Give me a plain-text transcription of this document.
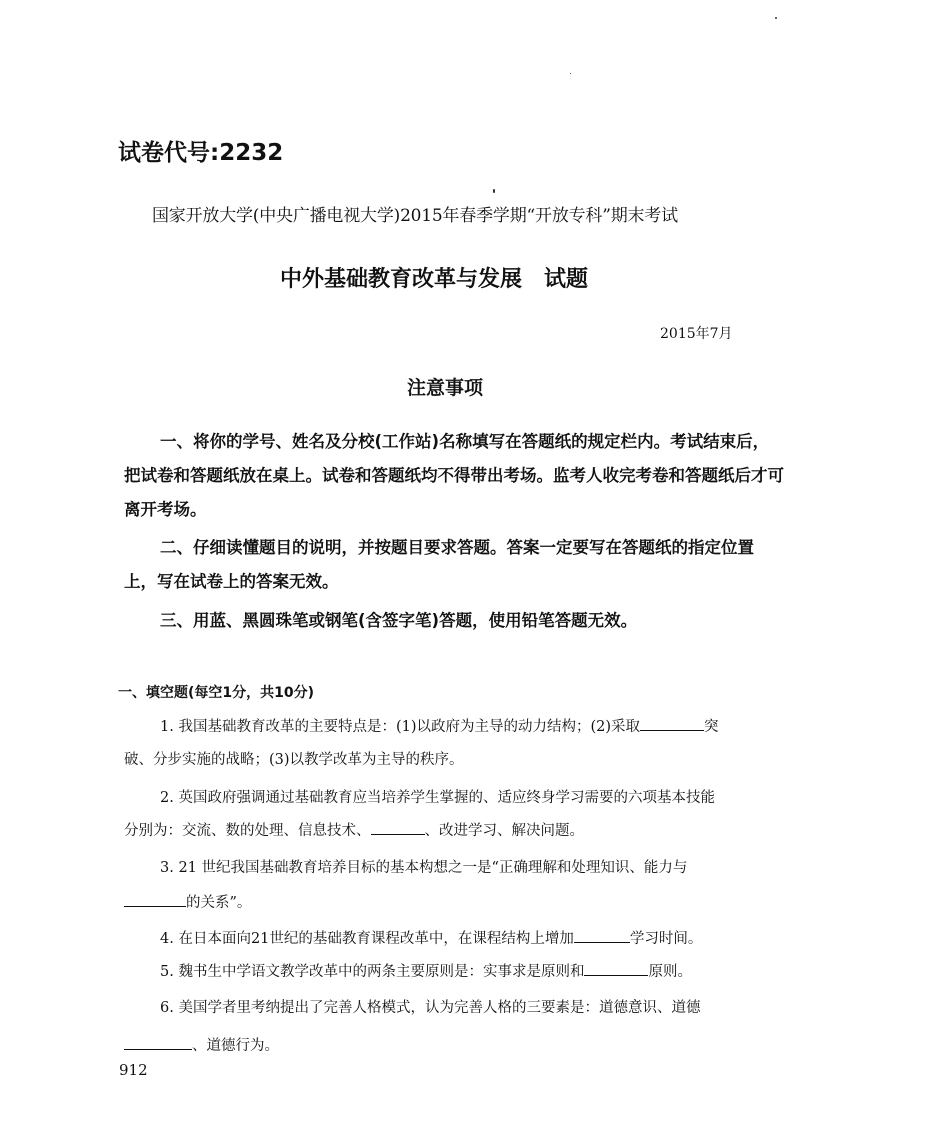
试卷代号:2232
国家开放大学(中央广播电视大学)2015年春季学期“开放专科”期末考试
中外基础教育改革与发展　试题
2015年7月
注意事项
一、将你的学号、姓名及分校(工作站)名称填写在答题纸的规定栏内。考试结束后，把试卷和答题纸放在桌上。试卷和答题纸均不得带出考场。监考人收完考卷和答题纸后才可离开考场。
二、仔细读懂题目的说明，并按题目要求答题。答案一定要写在答题纸的指定位置上，写在试卷上的答案无效。
三、用蓝、黑圆珠笔或钢笔(含签字笔)答题，使用铅笔答题无效。
一、填空题(每空1分，共10分)
1. 我国基础教育改革的主要特点是：(1)以政府为主导的动力结构；(2)采取	突
破、分步实施的战略；(3)以教学改革为主导的秩序。
2. 英国政府强调通过基础教育应当培养学生掌握的、适应终身学习需要的六项基本技能
分别为：交流、数的处理、信息技术、	、改进学习、解决问题。
3. 21 世纪我国基础教育培养目标的基本构想之一是“正确理解和处理知识、能力与
的关系”。
4. 在日本面向21世纪的基础教育课程改革中，在课程结构上增加	学习时间。
5. 魏书生中学语文教学改革中的两条主要原则是：实事求是原则和	原则。
6. 美国学者里考纳提出了完善人格模式，认为完善人格的三要素是：道德意识、道德
、道德行为。
912
